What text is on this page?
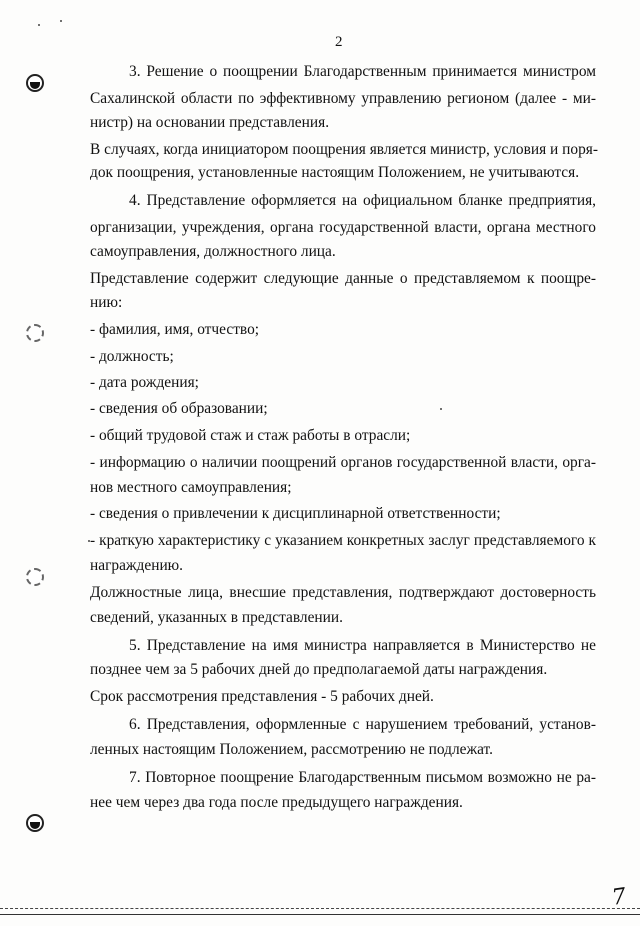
2
3. Решение о поощрении Благодарственным принимается министром
Сахалинской области по эффективному управлению регионом (далее - ми-
нистр) на основании представления.
В случаях, когда инициатором поощрения является министр, условия и поря-
док поощрения, установленные настоящим Положением, не учитываются.
4. Представление оформляется на официальном бланке предприятия,
организации, учреждения, органа государственной власти, органа местного
самоуправления, должностного лица.
Представление содержит следующие данные о представляемом к поощре-
нию:
- фамилия, имя, отчество;
- должность;
- дата рождения;
- сведения об образовании;
- общий трудовой стаж и стаж работы в отрасли;
- информацию о наличии поощрений органов государственной власти, орга-
нов местного самоуправления;
- сведения о привлечении к дисциплинарной ответственности;
- краткую характеристику с указанием конкретных заслуг представляемого к
награждению.
Должностные лица, внесшие представления, подтверждают достоверность
сведений, указанных в представлении.
5. Представление на имя министра направляется в Министерство не
позднее чем за 5 рабочих дней до предполагаемой даты награждения.
Срок рассмотрения представления - 5 рабочих дней.
6. Представления, оформленные с нарушением требований, установ-
ленных настоящим Положением, рассмотрению не подлежат.
7. Повторное поощрение Благодарственным письмом возможно не ра-
нее чем через два года после предыдущего награждения.
7
